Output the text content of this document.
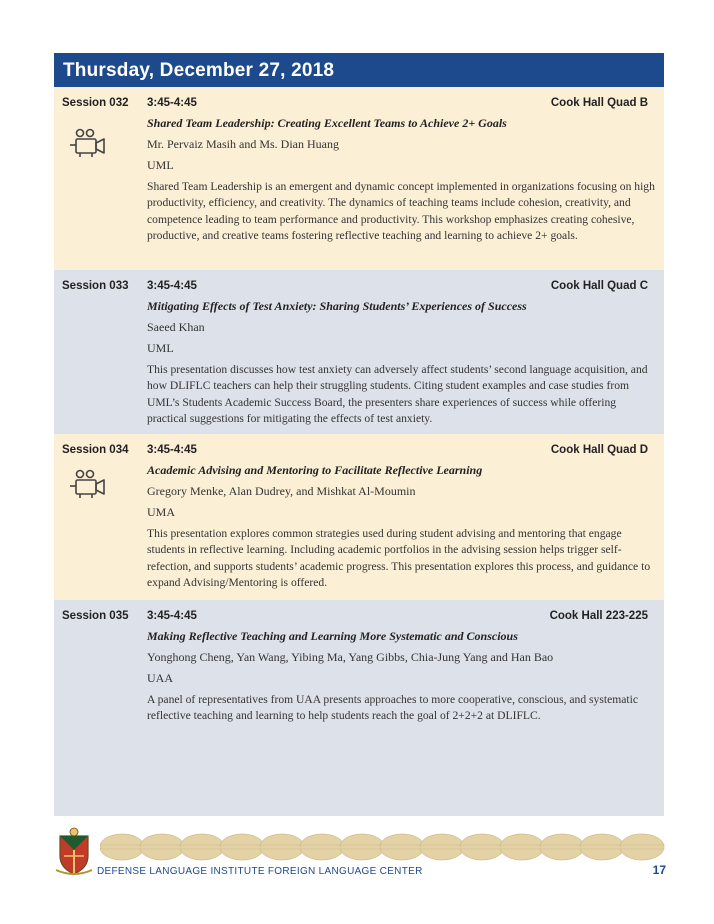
Thursday, December 27, 2018
Session 032 3:45-4:45	Cook Hall Quad B
Shared Team Leadership: Creating Excellent Teams to Achieve 2+ Goals
Mr. Pervaiz Masih and Ms. Dian Huang
UML
Shared Team Leadership is an emergent and dynamic concept implemented in organizations focusing on high productivity, efficiency, and creativity. The dynamics of teaching teams include cohesion, creativity, and competence leading to team performance and productivity. This workshop emphasizes creating cohesive, productive, and creative teams fostering reflective teaching and learning to achieve 2+ goals.
Session 033 3:45-4:45	Cook Hall Quad C
Mitigating Effects of Test Anxiety: Sharing Students’ Experiences of Success
Saeed Khan
UML
This presentation discusses how test anxiety can adversely affect students’ second language acquisition, and how DLIFLC teachers can help their struggling students. Citing student examples and case studies from UML’s Students Academic Success Board, the presenters share experiences of success while offering practical suggestions for mitigating the effects of test anxiety.
Session 034 3:45-4:45	Cook Hall Quad D
Academic Advising and Mentoring to Facilitate Reflective Learning
Gregory Menke, Alan Dudrey, and Mishkat Al-Moumin
UMA
This presentation explores common strategies used during student advising and mentoring that engage students in reflective learning. Including academic portfolios in the advising session helps trigger self-refection, and supports students’ academic progress. This presentation explores this process, and guidance to expand Advising/Mentoring is offered.
Session 035 3:45-4:45	Cook Hall 223-225
Making Reflective Teaching and Learning More Systematic and Conscious
Yonghong Cheng, Yan Wang, Yibing Ma, Yang Gibbs, Chia-Jung Yang and Han Bao
UAA
A panel of representatives from UAA presents approaches to more cooperative, conscious, and systematic reflective teaching and learning to help students reach the goal of 2+2+2 at DLIFLC.
DEFENSE LANGUAGE INSTITUTE FOREIGN LANGUAGE CENTER	17
